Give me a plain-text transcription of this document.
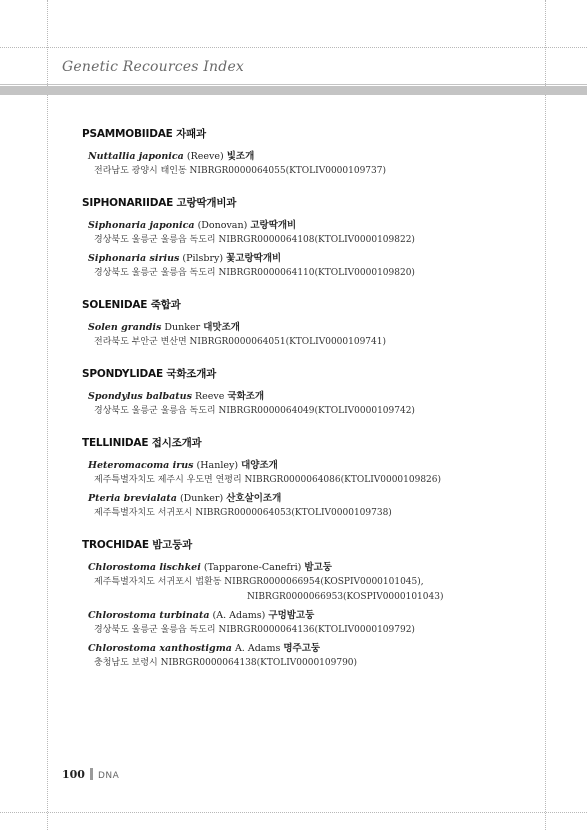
Genetic Recources Index
PSAMMOBIIDAE 자패과
Nuttallia japonica (Reeve) 빛조개
전라남도 광양시 태인동 NIBRGR0000064055(KTOLIV0000109737)
SIPHONARIIDAE 고랑딱개비과
Siphonaria japonica (Donovan) 고랑딱개비
경상북도 울릉군 울릉읍 독도리 NIBRGR0000064108(KTOLIV0000109822)
Siphonaria sirius (Pilsbry) 꽃고랑딱개비
경상북도 울릉군 울릉읍 독도리 NIBRGR0000064110(KTOLIV0000109820)
SOLENIDAE 죽합과
Solen grandis Dunker 대맛조개
전라북도 부안군 변산면 NIBRGR0000064051(KTOLIV0000109741)
SPONDYLIDAE 국화조개과
Spondylus balbatus Reeve 국화조개
경상북도 울릉군 울릉읍 독도리 NIBRGR0000064049(KTOLIV0000109742)
TELLINIDAE 접시조개과
Heteromacoma irus (Hanley) 대양조개
제주특별자치도 제주시 우도면 연평리 NIBRGR0000064086(KTOLIV0000109826)
Pteria brevialata (Dunker) 산호살이조개
제주특별자치도 서귀포시 NIBRGR0000064053(KTOLIV0000109738)
TROCHIDAE 밤고둥과
Chlorostoma lischkei (Tapparone-Canefri) 밤고둥
제주특별자치도 서귀포시 법환동 NIBRGR0000066954(KOSPIV0000101045),
NIBRGR0000066953(KOSPIV0000101043)
Chlorostoma turbinata (A. Adams) 구멍밤고둥
경상북도 울릉군 울릉읍 독도리 NIBRGR0000064136(KTOLIV0000109792)
Chlorostoma xanthostigma A. Adams 명주고둥
충청남도 보령시 NIBRGR0000064138(KTOLIV0000109790)
100 DNA
